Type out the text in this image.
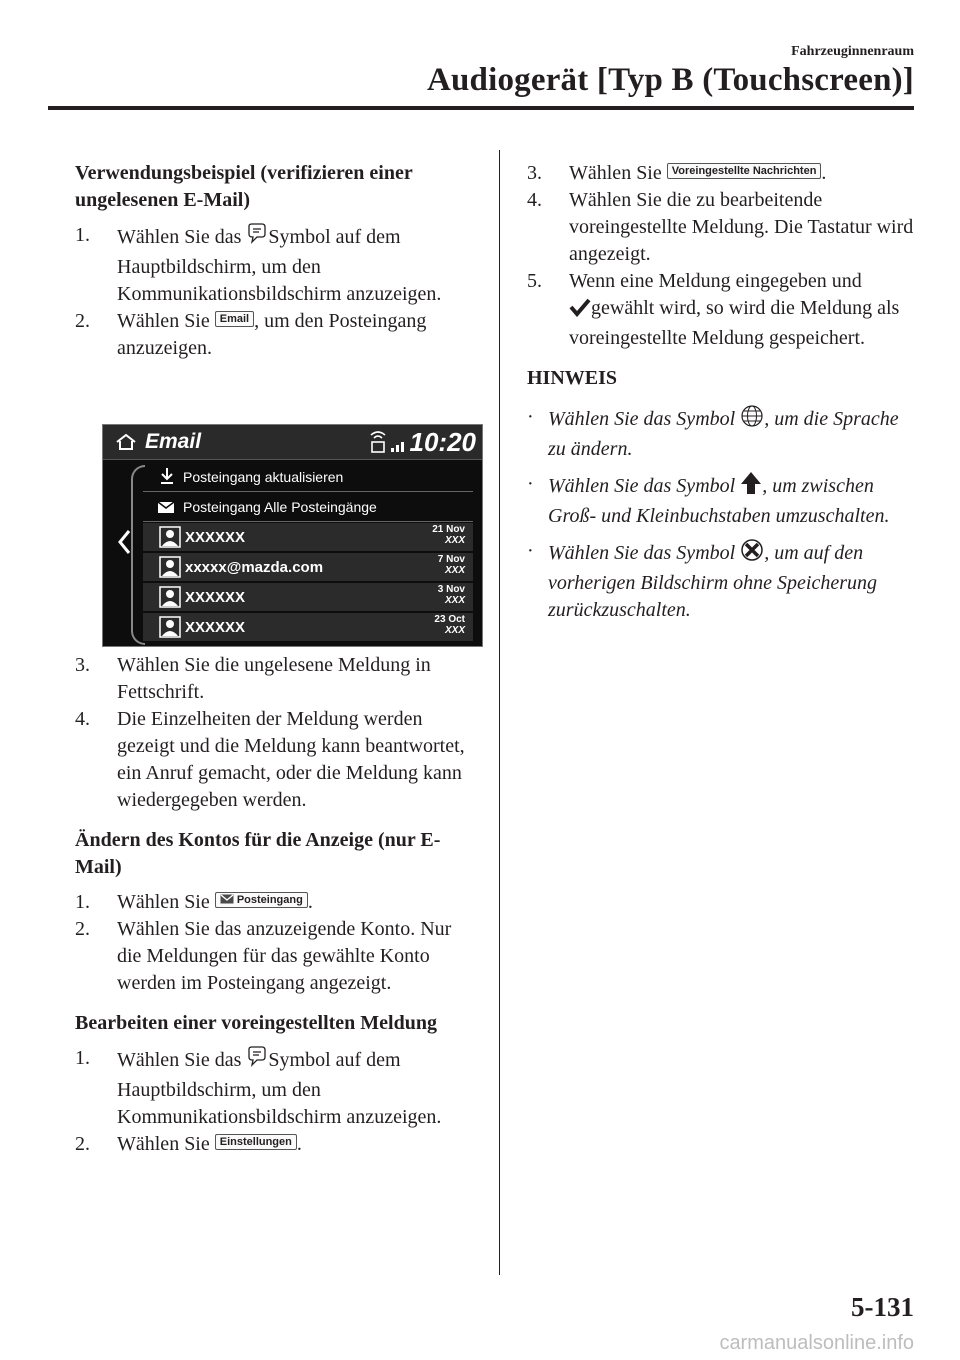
Fahrzeuginnenraum
Audiogerät [Typ B (Touchscreen)]

Verwendungsbeispiel (verifizieren einer ungelesenen E-Mail)

1. Wählen Sie das Symbol auf dem Hauptbildschirm, um den Kommunikationsbildschirm anzuzeigen.
2. Wählen Sie Email , um den Posteingang anzuzeigen.
Email	10:20
Posteingang aktualisieren
Posteingang Alle Posteingänge
XXXXXX	21 Nov
XXX
xxxxx@mazda.com	7 Nov
XXX
XXXXXX	3 Nov
XXX
XXXXXX	23 Oct
XXX
3. Wählen Sie die ungelesene Meldung in Fettschrift.
4. Die Einzelheiten der Meldung werden gezeigt und die Meldung kann beantwortet, ein Anruf gemacht, oder die Meldung kann wiedergegeben werden.

Ändern des Kontos für die Anzeige (nur E-Mail)

1. Wählen Sie  Posteingang .
2. Wählen Sie das anzuzeigende Konto. Nur die Meldungen für das gewählte Konto werden im Posteingang angezeigt.

Bearbeiten einer voreingestellten Meldung

1. Wählen Sie das Symbol auf dem Hauptbildschirm, um den Kommunikationsbildschirm anzuzeigen.
2. Wählen Sie Einstellungen .
3. Wählen Sie Voreingestellte Nachrichten .
4. Wählen Sie die zu bearbeitende voreingestellte Meldung. Die Tastatur wird angezeigt.
5. Wenn eine Meldung eingegeben und
gewählt wird, so wird die Meldung als voreingestellte Meldung gespeichert.

HINWEIS

· Wählen Sie das Symbol , um die Sprache zu ändern.
· Wählen Sie das Symbol , um zwischen Groß- und Kleinbuchstaben umzuschalten.
· Wählen Sie das Symbol , um auf den vorherigen Bildschirm ohne Speicherung zurückzuschalten.
5-131
carmanualsonline.info
